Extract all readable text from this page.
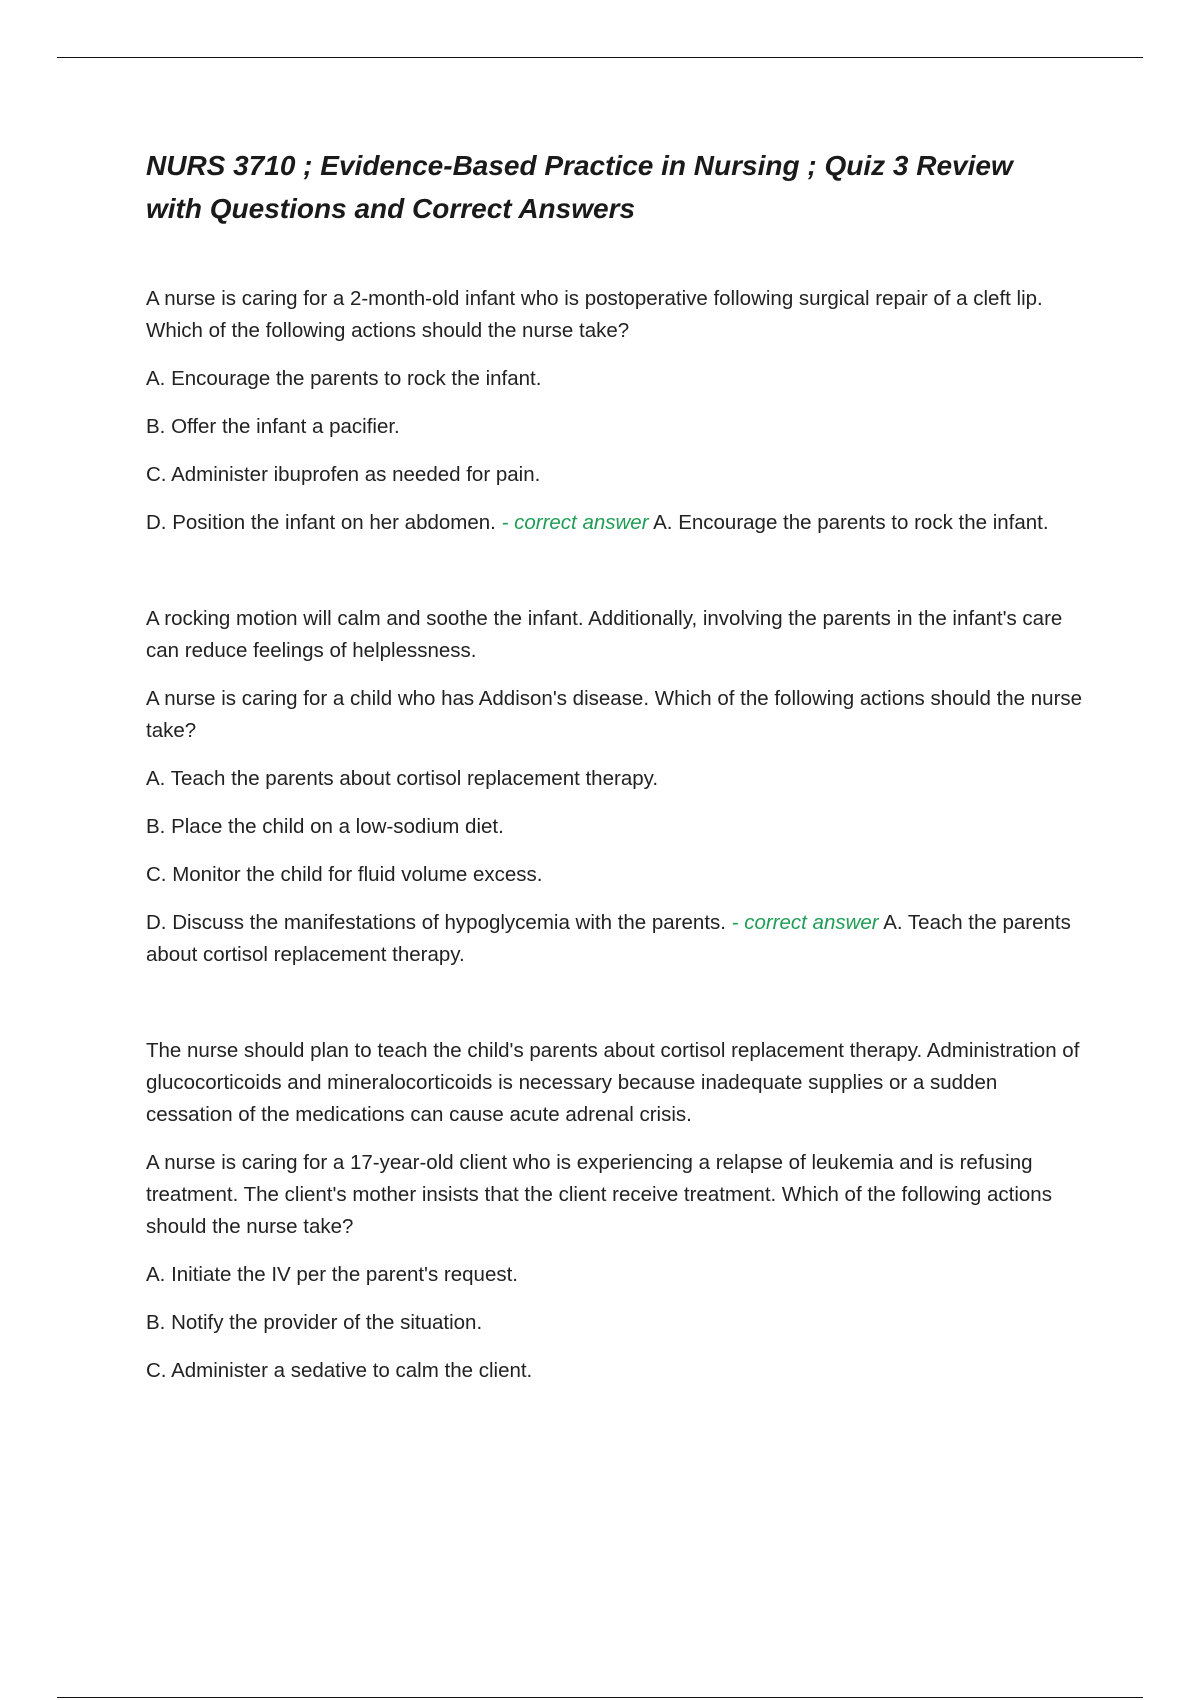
NURS 3710 ; Evidence-Based Practice in Nursing ; Quiz 3 Review with Questions and Correct Answers

A nurse is caring for a 2-month-old infant who is postoperative following surgical repair of a cleft lip. Which of the following actions should the nurse take?

A. Encourage the parents to rock the infant.

B. Offer the infant a pacifier.

C. Administer ibuprofen as needed for pain.

D. Position the infant on her abdomen. - correct answer A. Encourage the parents to rock the infant.

A rocking motion will calm and soothe the infant. Additionally, involving the parents in the infant's care can reduce feelings of helplessness.

A nurse is caring for a child who has Addison's disease. Which of the following actions should the nurse take?

A. Teach the parents about cortisol replacement therapy.

B. Place the child on a low-sodium diet.

C. Monitor the child for fluid volume excess.

D. Discuss the manifestations of hypoglycemia with the parents. - correct answer A. Teach the parents about cortisol replacement therapy.

The nurse should plan to teach the child's parents about cortisol replacement therapy. Administration of glucocorticoids and mineralocorticoids is necessary because inadequate supplies or a sudden cessation of the medications can cause acute adrenal crisis.

A nurse is caring for a 17-year-old client who is experiencing a relapse of leukemia and is refusing treatment. The client's mother insists that the client receive treatment. Which of the following actions should the nurse take?

A. Initiate the IV per the parent's request.

B. Notify the provider of the situation.

C. Administer a sedative to calm the client.
